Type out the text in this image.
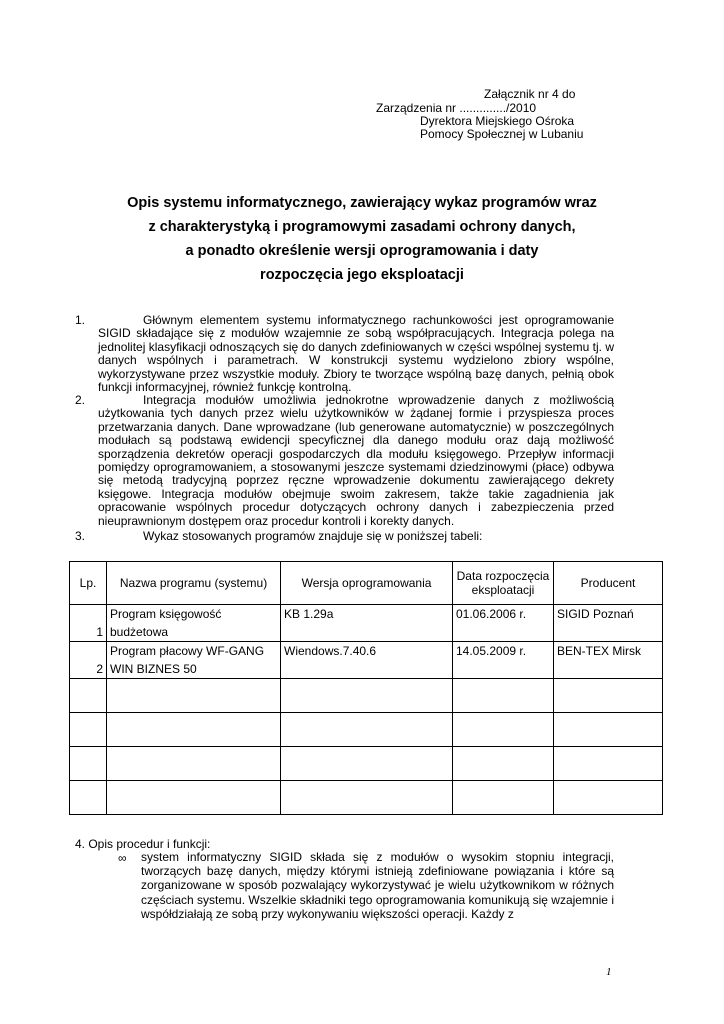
Załącznik nr 4 do
Zarządzenia nr ............../2010
Dyrektora Miejskiego Ośroka
Pomocy Społecznej w Lubaniu
Opis systemu informatycznego, zawierający wykaz programów wraz
z charakterystyką i programowymi zasadami ochrony danych,
a ponadto określenie wersji oprogramowania i daty
rozpoczęcia jego eksploatacji
1.	Głównym elementem systemu informatycznego rachunkowości jest oprogramowanie SIGID składające się z modułów wzajemnie ze sobą współpracujących. Integracja polega na jednolitej klasyfikacji odnoszących się do danych zdefiniowanych w części wspólnej systemu tj. w danych wspólnych i parametrach. W konstrukcji systemu wydzielono zbiory wspólne, wykorzystywane przez wszystkie moduły. Zbiory te tworzące wspólną bazę danych, pełnią obok funkcji informacyjnej, również funkcję kontrolną.
2.	Integracja modułów umożliwia jednokrotne wprowadzenie danych z możliwością użytkowania tych danych przez wielu użytkowników w żądanej formie i przyspiesza proces przetwarzania danych. Dane wprowadzane (lub generowane automatycznie) w poszczególnych modułach są podstawą ewidencji specyficznej dla danego modułu oraz dają możliwość sporządzenia dekretów operacji gospodarczych dla modułu księgowego. Przepływ informacji pomiędzy oprogramowaniem, a stosowanymi jeszcze systemami dziedzinowymi (płace) odbywa się metodą tradycyjną poprzez ręczne wprowadzenie dokumentu zawierającego dekrety księgowe. Integracja modułów obejmuje swoim zakresem, także takie zagadnienia jak opracowanie wspólnych procedur dotyczących ochrony danych i zabezpieczenia przed nieuprawnionym dostępem oraz procedur kontroli i korekty danych.
3.	Wykaz stosowanych programów znajduje się w poniższej tabeli:
Lp.	Nazwa programu (systemu)	Wersja oprogramowania	Data rozpoczęcia eksploatacji	Producent
1	Program księgowość budżetowa	KB 1.29a	01.06.2006 r.	SIGID Poznań
2	Program płacowy WF-GANG WIN BIZNES 50	Wiendows.7.40.6	14.05.2009 r.	BEN-TEX Mirsk

4. Opis procedur i funkcji:
∞ system informatyczny SIGID składa się z modułów o wysokim stopniu integracji, tworzących bazę danych, między którymi istnieją zdefiniowane powiązania i które są zorganizowane w sposób pozwalający wykorzystywać je wielu użytkownikom w różnych częściach systemu. Wszelkie składniki tego oprogramowania komunikują się wzajemnie i współdziałają ze sobą przy wykonywaniu większości operacji. Każdy z
1
